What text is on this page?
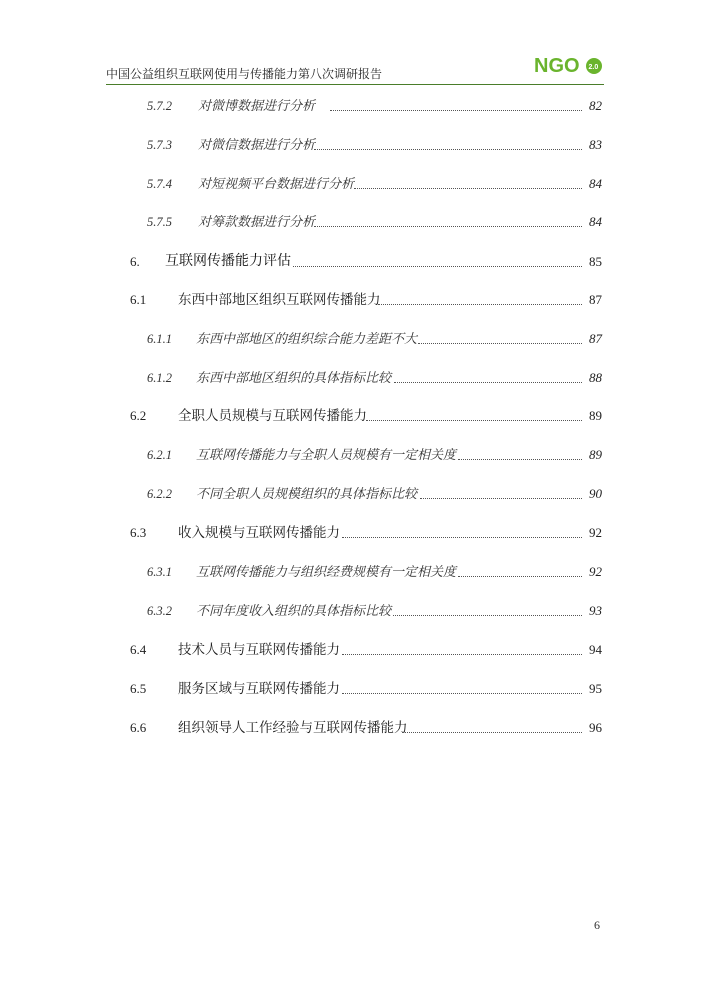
中国公益组织互联网使用与传播能力第八次调研报告	NGO 2.0
5.7.2 对微博数据进行分析	82
5.7.3 对微信数据进行分析	83
5.7.4 对短视频平台数据进行分析	84
5.7.5 对筹款数据进行分析	84
6. 互联网传播能力评估	85
6.1 东西中部地区组织互联网传播能力	87
6.1.1 东西中部地区的组织综合能力差距不大	87
6.1.2 东西中部地区组织的具体指标比较	88
6.2 全职人员规模与互联网传播能力	89
6.2.1 互联网传播能力与全职人员规模有一定相关度	89
6.2.2 不同全职人员规模组织的具体指标比较	90
6.3 收入规模与互联网传播能力	92
6.3.1 互联网传播能力与组织经费规模有一定相关度	92
6.3.2 不同年度收入组织的具体指标比较	93
6.4 技术人员与互联网传播能力	94
6.5 服务区域与互联网传播能力	95
6.6 组织领导人工作经验与互联网传播能力	96
6
